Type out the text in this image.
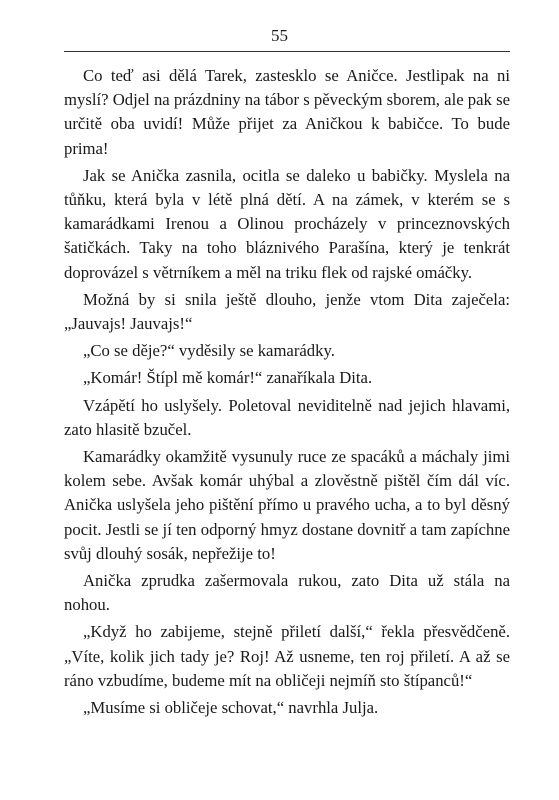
55

Co teď asi dělá Tarek, zastesklo se Aničce. Jestlipak na ni myslí? Odjel na prázdniny na tábor s pěveckým sborem, ale pak se určitě oba uvidí! Může přijet za Aničkou k babičce. To bude prima!

Jak se Anička zasnila, ocitla se daleko u babičky. Myslela na tůňku, která byla v létě plná dětí. A na zámek, v kterém se s kamarádkami Irenou a Olinou procházely v princeznovských šatičkách. Taky na toho bláznivého Parašína, který je tenkrát doprovázel s větrníkem a měl na triku flek od rajské omáčky.

Možná by si snila ještě dlouho, jenže vtom Dita zaječela: „Jauvajs! Jauvajs!“

„Co se děje?“ vyděsily se kamarádky.

„Komár! Štípl mě komár!“ zanaříkala Dita.

Vzápětí ho uslyšely. Poletoval neviditelně nad jejich hlavami, zato hlasitě bzučel.

Kamarádky okamžitě vysunuly ruce ze spacáků a máchaly jimi kolem sebe. Avšak komár uhýbal a zlověstně pištěl čím dál víc. Anička uslyšela jeho pištění přímo u pravého ucha, a to byl děsný pocit. Jestli se jí ten odporný hmyz dostane dovnitř a tam zapíchne svůj dlouhý sosák, nepřežije to!

Anička zprudka zašermovala rukou, zato Dita už stála na nohou.

„Když ho zabijeme, stejně přiletí další,“ řekla přesvědčeně. „Víte, kolik jich tady je? Roj! Až usneme, ten roj přiletí. A až se ráno vzbudíme, budeme mít na obličeji nejmíň sto štípanců!“

„Musíme si obličeje schovat,“ navrhla Julja.
